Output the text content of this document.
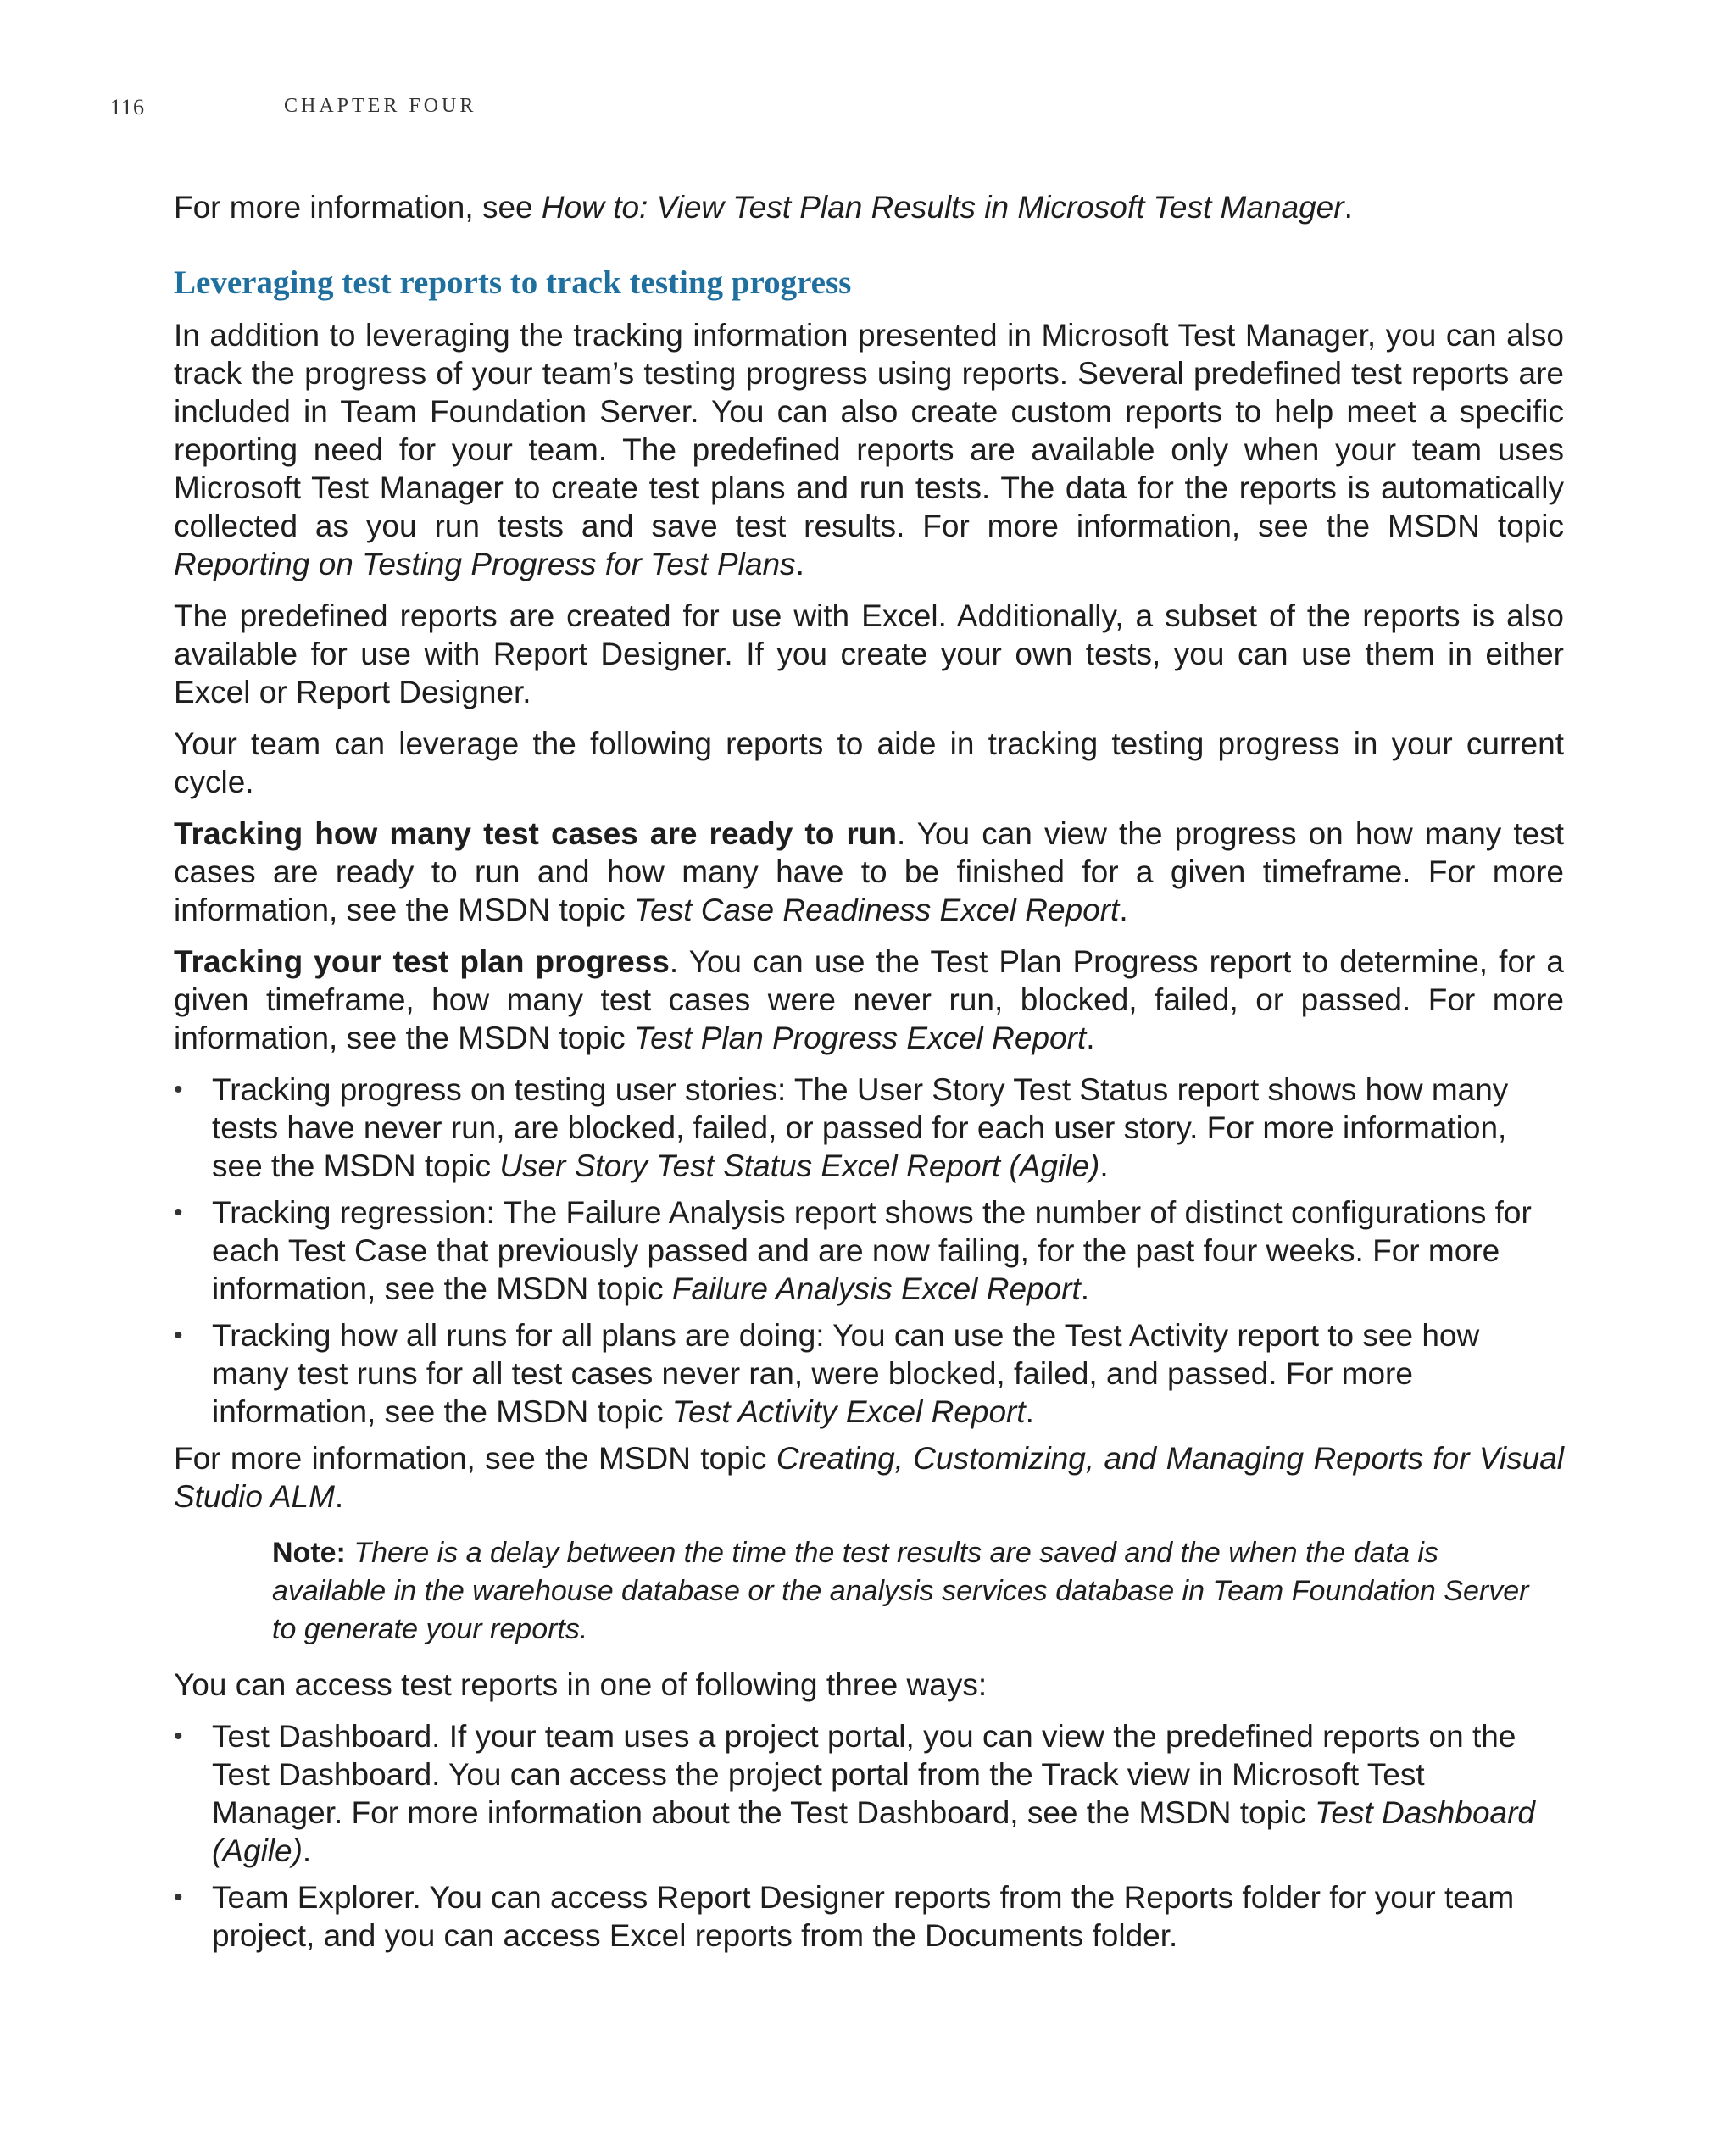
116	CHAPTER FOUR

For more information, see How to: View Test Plan Results in Microsoft Test Manager.

Leveraging test reports to track testing progress

In addition to leveraging the tracking information presented in Microsoft Test Manager, you can also track the progress of your team’s testing progress using reports. Several predefined test reports are included in Team Foundation Server. You can also create custom reports to help meet a specific reporting need for your team. The predefined reports are available only when your team uses Microsoft Test Manager to create test plans and run tests. The data for the reports is automatically collected as you run tests and save test results. For more information, see the MSDN topic Reporting on Testing Progress for Test Plans.

The predefined reports are created for use with Excel. Additionally, a subset of the reports is also available for use with Report Designer. If you create your own tests, you can use them in either Excel or Report Designer.

Your team can leverage the following reports to aide in tracking testing progress in your current cycle.

Tracking how many test cases are ready to run. You can view the progress on how many test cases are ready to run and how many have to be finished for a given timeframe. For more information, see the MSDN topic Test Case Readiness Excel Report.

Tracking your test plan progress. You can use the Test Plan Progress report to determine, for a given timeframe, how many test cases were never run, blocked, failed, or passed. For more information, see the MSDN topic Test Plan Progress Excel Report.

• Tracking progress on testing user stories: The User Story Test Status report shows how many tests have never run, are blocked, failed, or passed for each user story. For more information, see the MSDN topic User Story Test Status Excel Report (Agile).
• Tracking regression: The Failure Analysis report shows the number of distinct configurations for each Test Case that previously passed and are now failing, for the past four weeks. For more information, see the MSDN topic Failure Analysis Excel Report.
• Tracking how all runs for all plans are doing: You can use the Test Activity report to see how many test runs for all test cases never ran, were blocked, failed, and passed. For more information, see the MSDN topic Test Activity Excel Report.

For more information, see the MSDN topic Creating, Customizing, and Managing Reports for Visual Studio ALM.

Note: There is a delay between the time the test results are saved and the when the data is available in the warehouse database or the analysis services database in Team Foundation Server to generate your reports.

You can access test reports in one of following three ways:

• Test Dashboard. If your team uses a project portal, you can view the predefined reports on the Test Dashboard. You can access the project portal from the Track view in Microsoft Test Manager. For more information about the Test Dashboard, see the MSDN topic Test Dashboard (Agile).
• Team Explorer. You can access Report Designer reports from the Reports folder for your team project, and you can access Excel reports from the Documents folder.
